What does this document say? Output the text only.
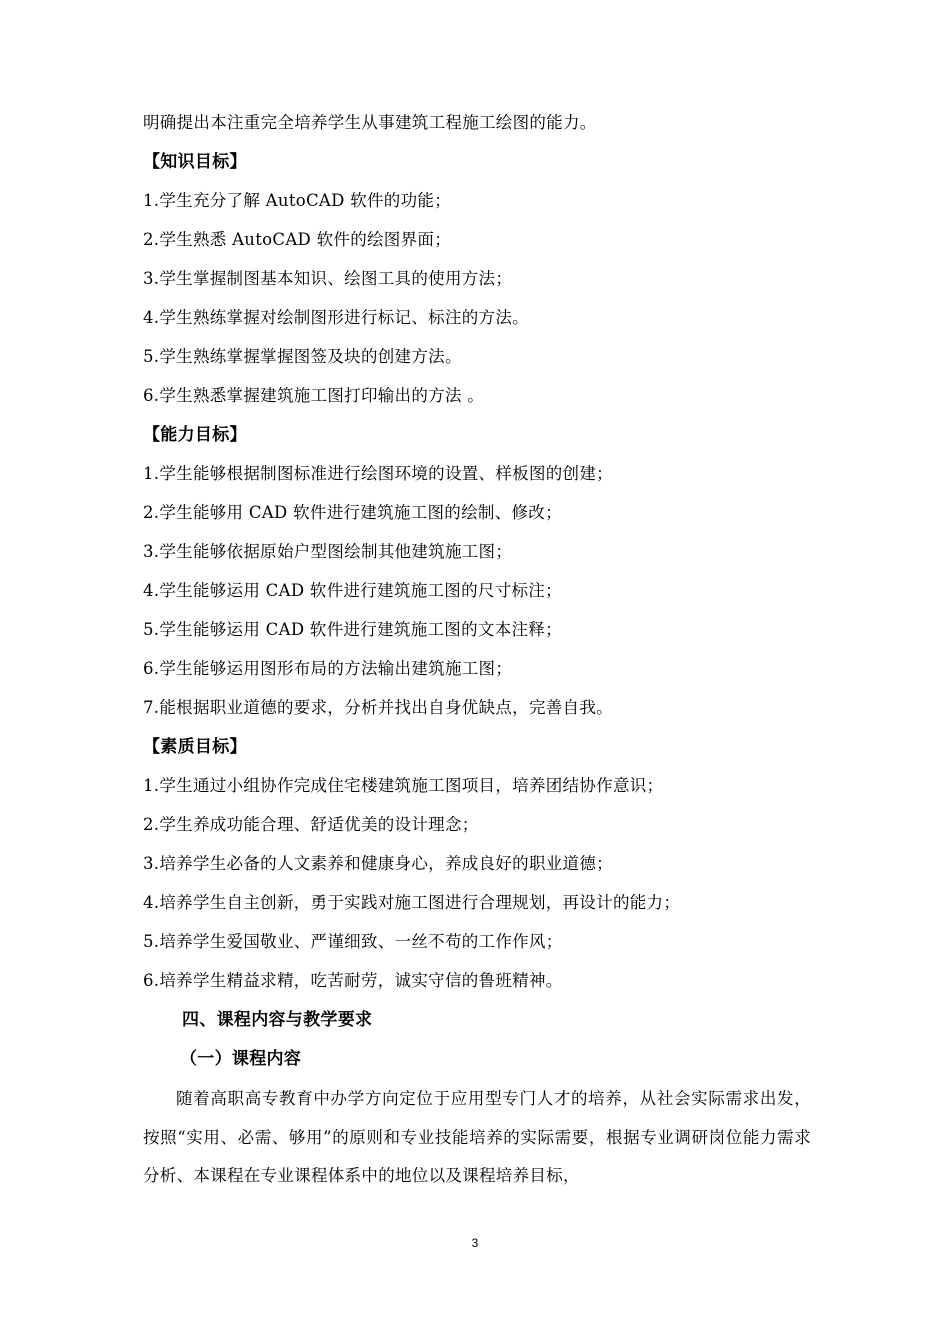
明确提出本注重完全培养学生从事建筑工程施工绘图的能力。
【知识目标】
1.学生充分了解 AutoCAD 软件的功能；
2.学生熟悉 AutoCAD 软件的绘图界面；
3.学生掌握制图基本知识、绘图工具的使用方法；
4.学生熟练掌握对绘制图形进行标记、标注的方法。
5.学生熟练掌握掌握图签及块的创建方法。
6.学生熟悉掌握建筑施工图打印输出的方法 。
【能力目标】
1.学生能够根据制图标准进行绘图环境的设置、样板图的创建；
2.学生能够用 CAD 软件进行建筑施工图的绘制、修改；
3.学生能够依据原始户型图绘制其他建筑施工图；
4.学生能够运用 CAD 软件进行建筑施工图的尺寸标注；
5.学生能够运用 CAD 软件进行建筑施工图的文本注释；
6.学生能够运用图形布局的方法输出建筑施工图；
7.能根据职业道德的要求，分析并找出自身优缺点，完善自我。
【素质目标】
1.学生通过小组协作完成住宅楼建筑施工图项目，培养团结协作意识；
2.学生养成功能合理、舒适优美的设计理念；
3.培养学生必备的人文素养和健康身心，养成良好的职业道德；
4.培养学生自主创新，勇于实践对施工图进行合理规划，再设计的能力；
5.培养学生爱国敬业、严谨细致、一丝不苟的工作作风；
6.培养学生精益求精，吃苦耐劳，诚实守信的鲁班精神。
四、课程内容与教学要求
（一）课程内容
随着高职高专教育中办学方向定位于应用型专门人才的培养，从社会实际需求出发，按照“实用、必需、够用”的原则和专业技能培养的实际需要，根据专业调研岗位能力需求分析、本课程在专业课程体系中的地位以及课程培养目标，
3
